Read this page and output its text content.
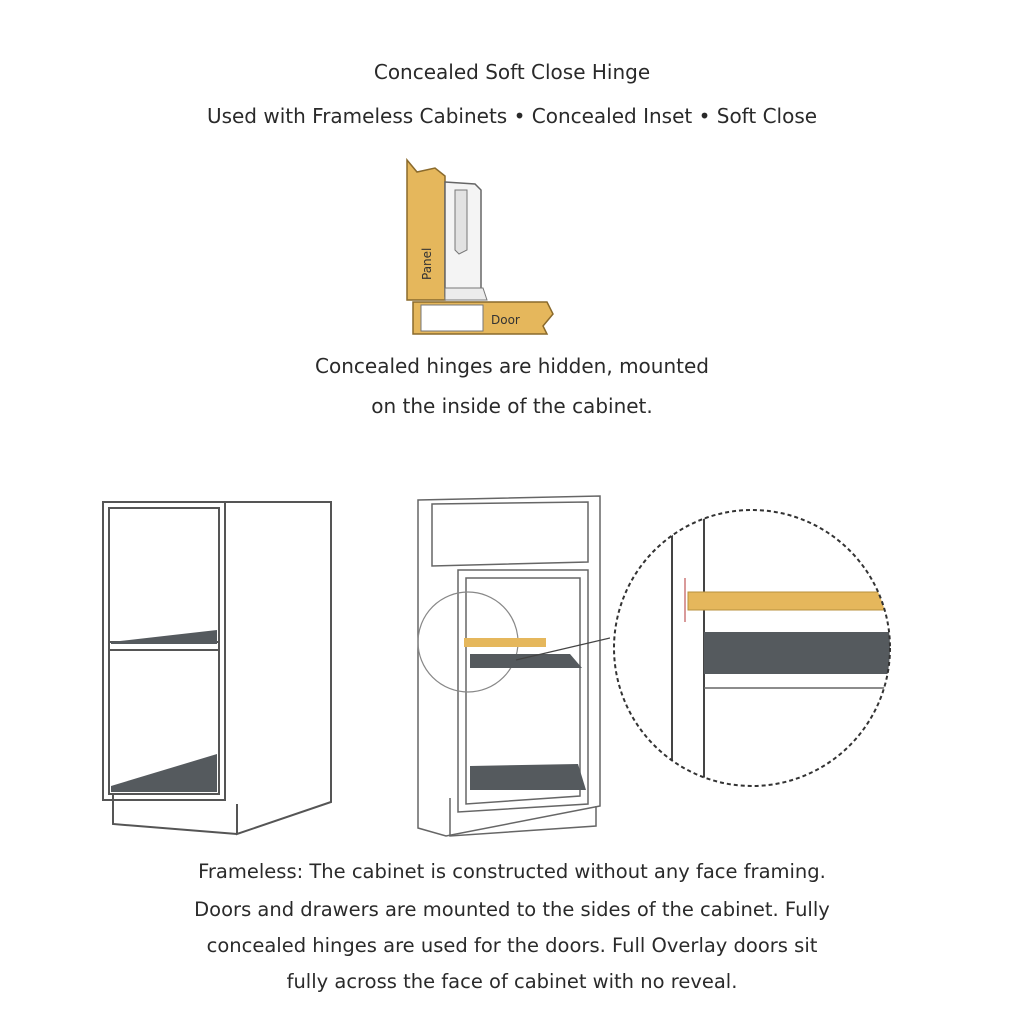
Concealed Soft Close Hinge
Used with Frameless Cabinets • Concealed Inset • Soft Close
Panel
Door
Concealed hinges are hidden, mounted
on the inside of the cabinet.
Frameless: The cabinet is constructed without any face framing.
Doors and drawers are mounted to the sides of the cabinet. Fully
concealed hinges are used for the doors. Full Overlay doors sit
fully across the face of cabinet with no reveal.
